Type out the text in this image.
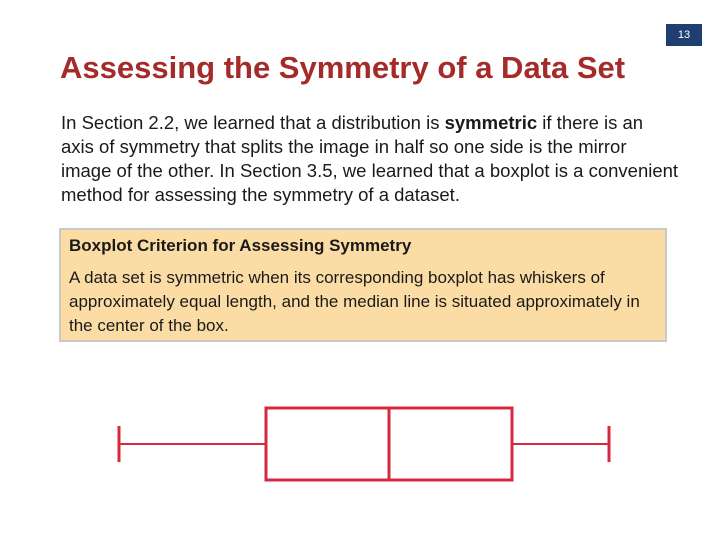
13
Assessing the Symmetry of a Data Set

In Section 2.2, we learned that a distribution is symmetric if there is an axis of symmetry that splits the image in half so one side is the mirror image of the other. In Section 3.5, we learned that a boxplot is a convenient method for assessing the symmetry of a dataset.

Boxplot Criterion for Assessing Symmetry

A data set is symmetric when its corresponding boxplot has whiskers of approximately equal length, and the median line is situated approximately in the center of the box.
